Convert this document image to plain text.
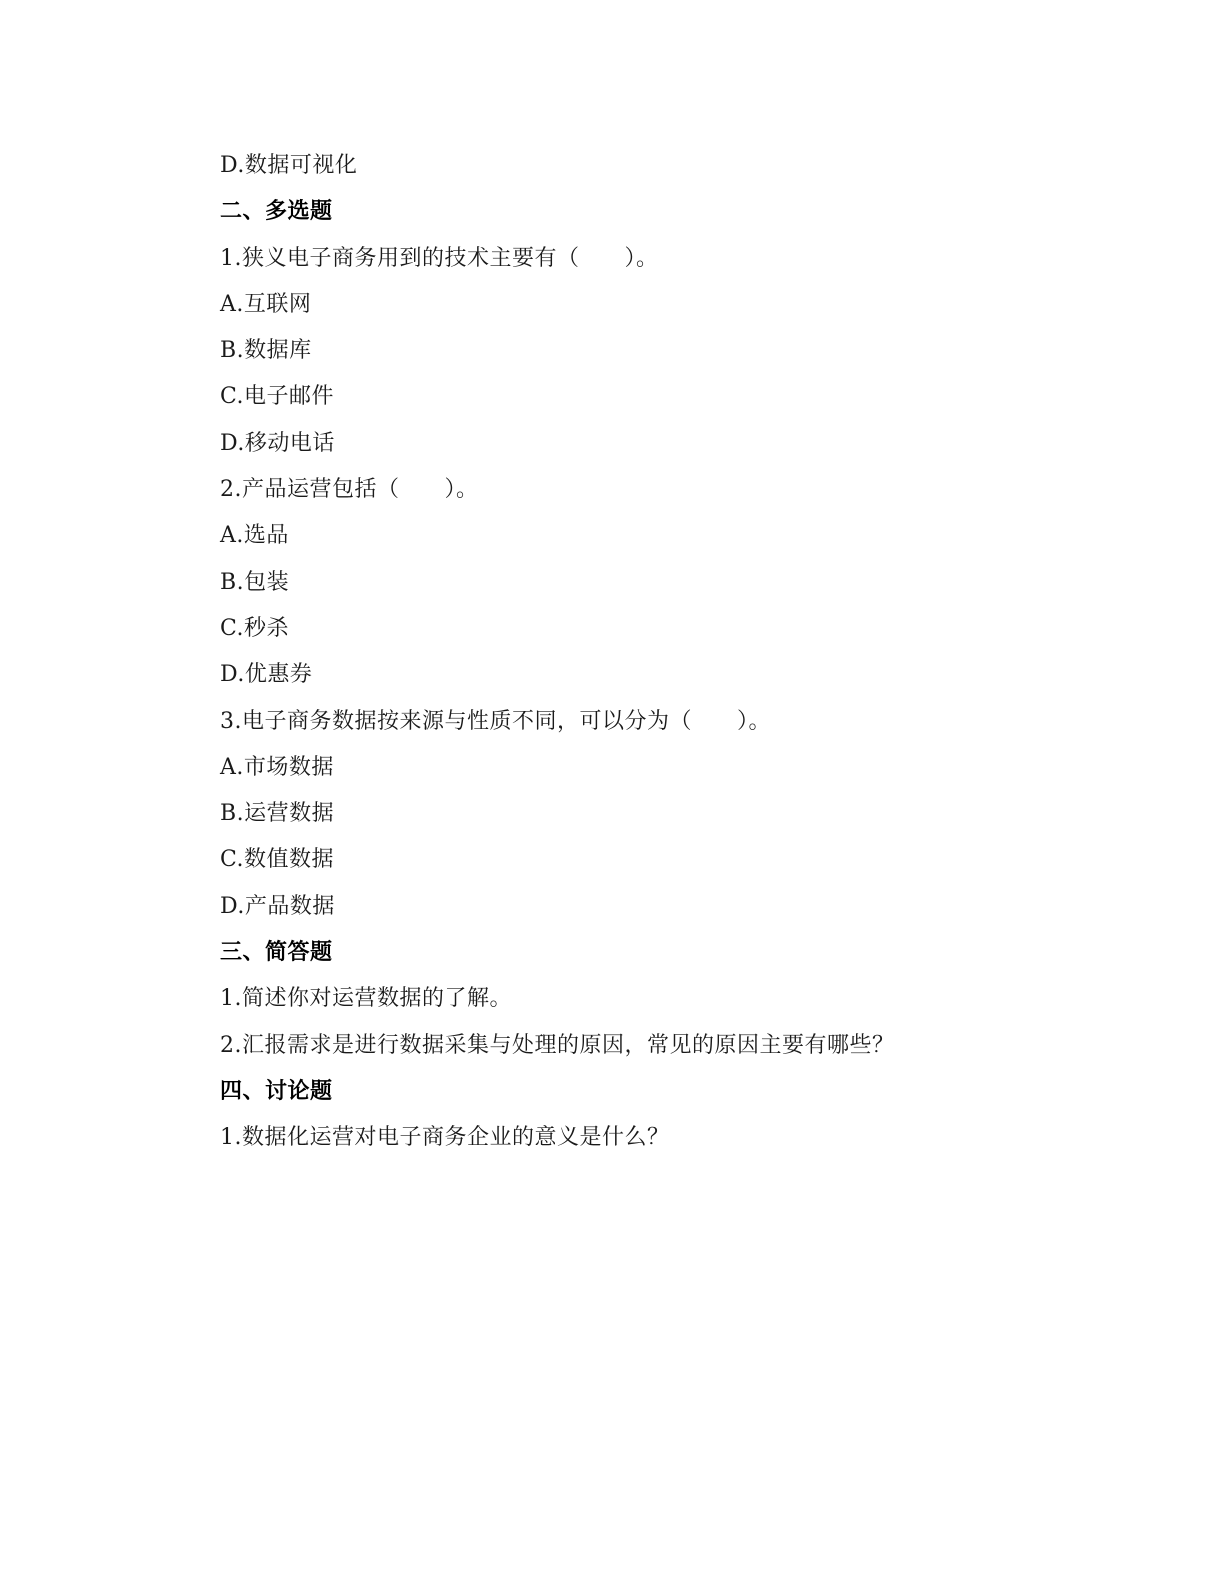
D.数据可视化
二、多选题
1.狭义电子商务用到的技术主要有（　　）。
A.互联网
B.数据库
C.电子邮件
D.移动电话
2.产品运营包括（　　）。
A.选品
B.包装
C.秒杀
D.优惠券
3.电子商务数据按来源与性质不同，可以分为（　　）。
A.市场数据
B.运营数据
C.数值数据
D.产品数据
三、简答题
1.简述你对运营数据的了解。
2.汇报需求是进行数据采集与处理的原因，常见的原因主要有哪些？
四、讨论题
1.数据化运营对电子商务企业的意义是什么？
